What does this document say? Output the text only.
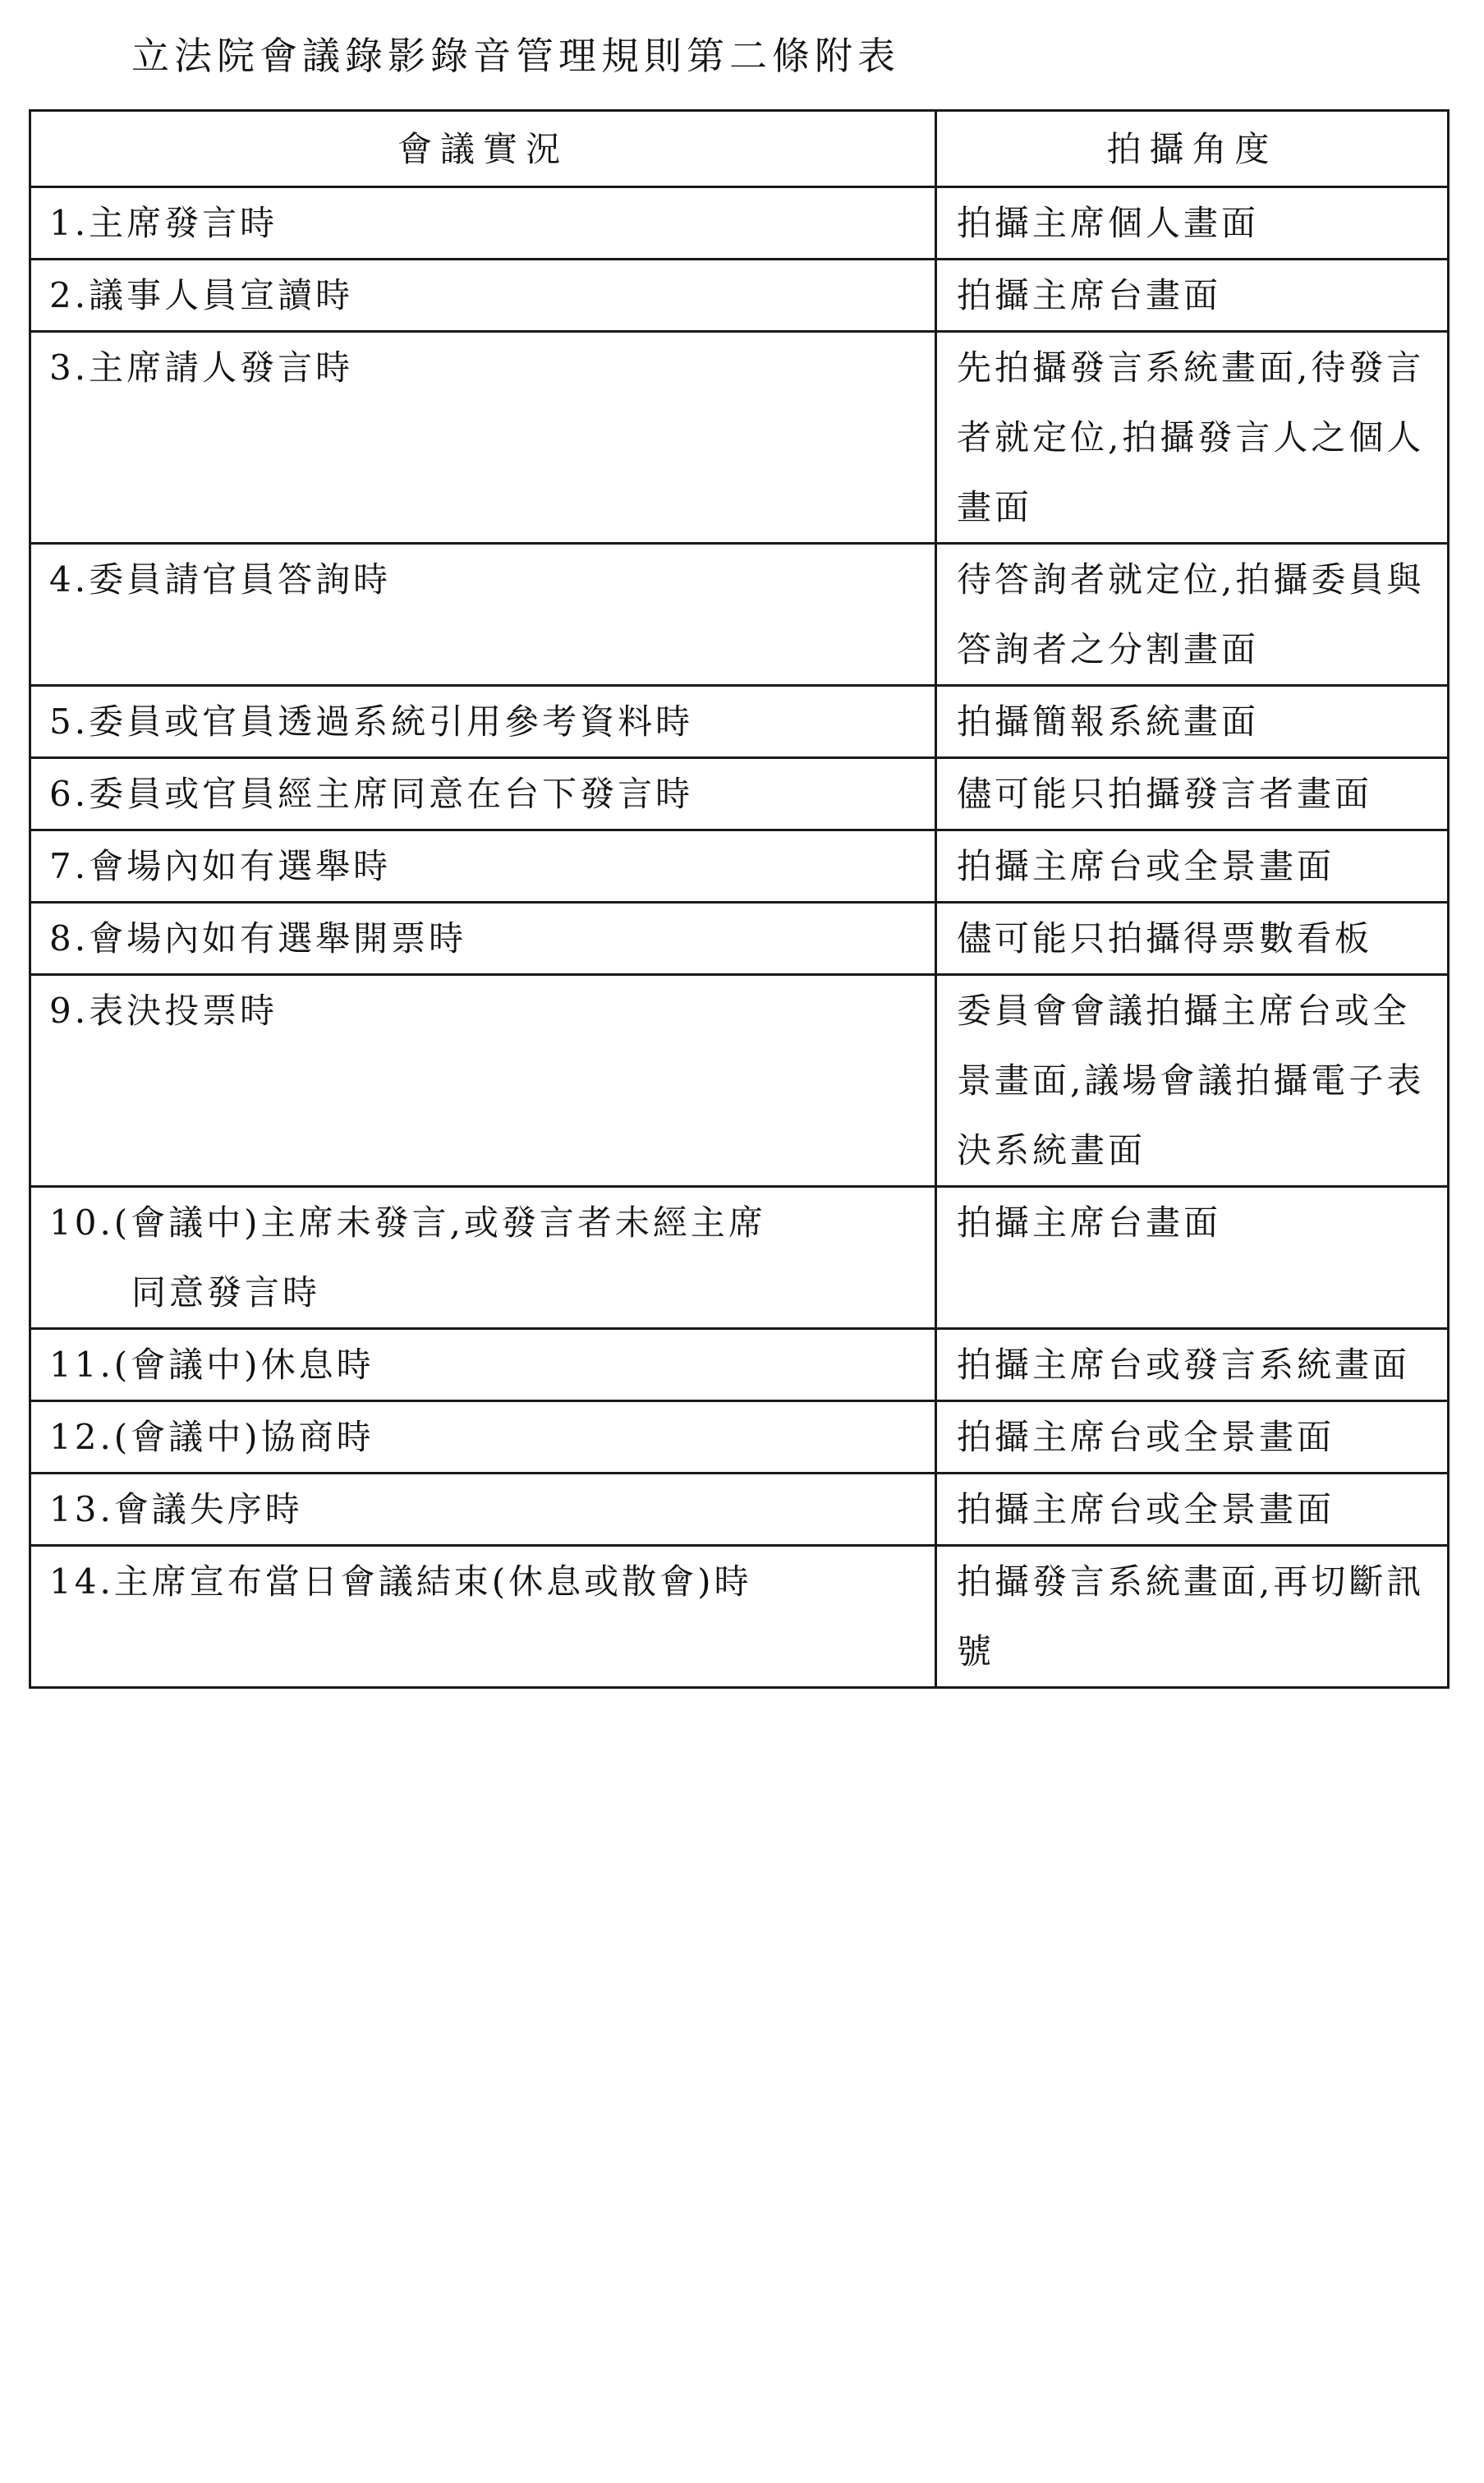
立法院會議錄影錄音管理規則第二條附表
會議實況	拍攝角度
1.主席發言時	拍攝主席個人畫面
2.議事人員宣讀時	拍攝主席台畫面
3.主席請人發言時	先拍攝發言系統畫面,待發言者就定位,拍攝發言人之個人畫面
4.委員請官員答詢時	待答詢者就定位,拍攝委員與答詢者之分割畫面
5.委員或官員透過系統引用參考資料時	拍攝簡報系統畫面
6.委員或官員經主席同意在台下發言時	儘可能只拍攝發言者畫面
7.會場內如有選舉時	拍攝主席台或全景畫面
8.會場內如有選舉開票時	儘可能只拍攝得票數看板
9.表決投票時	委員會會議拍攝主席台或全景畫面,議場會議拍攝電子表決系統畫面
10.(會議中)主席未發言,或發言者未經主席
同意發言時	拍攝主席台畫面
11.(會議中)休息時	拍攝主席台或發言系統畫面
12.(會議中)協商時	拍攝主席台或全景畫面
13.會議失序時	拍攝主席台或全景畫面
14.主席宣布當日會議結束(休息或散會)時	拍攝發言系統畫面,再切斷訊號
